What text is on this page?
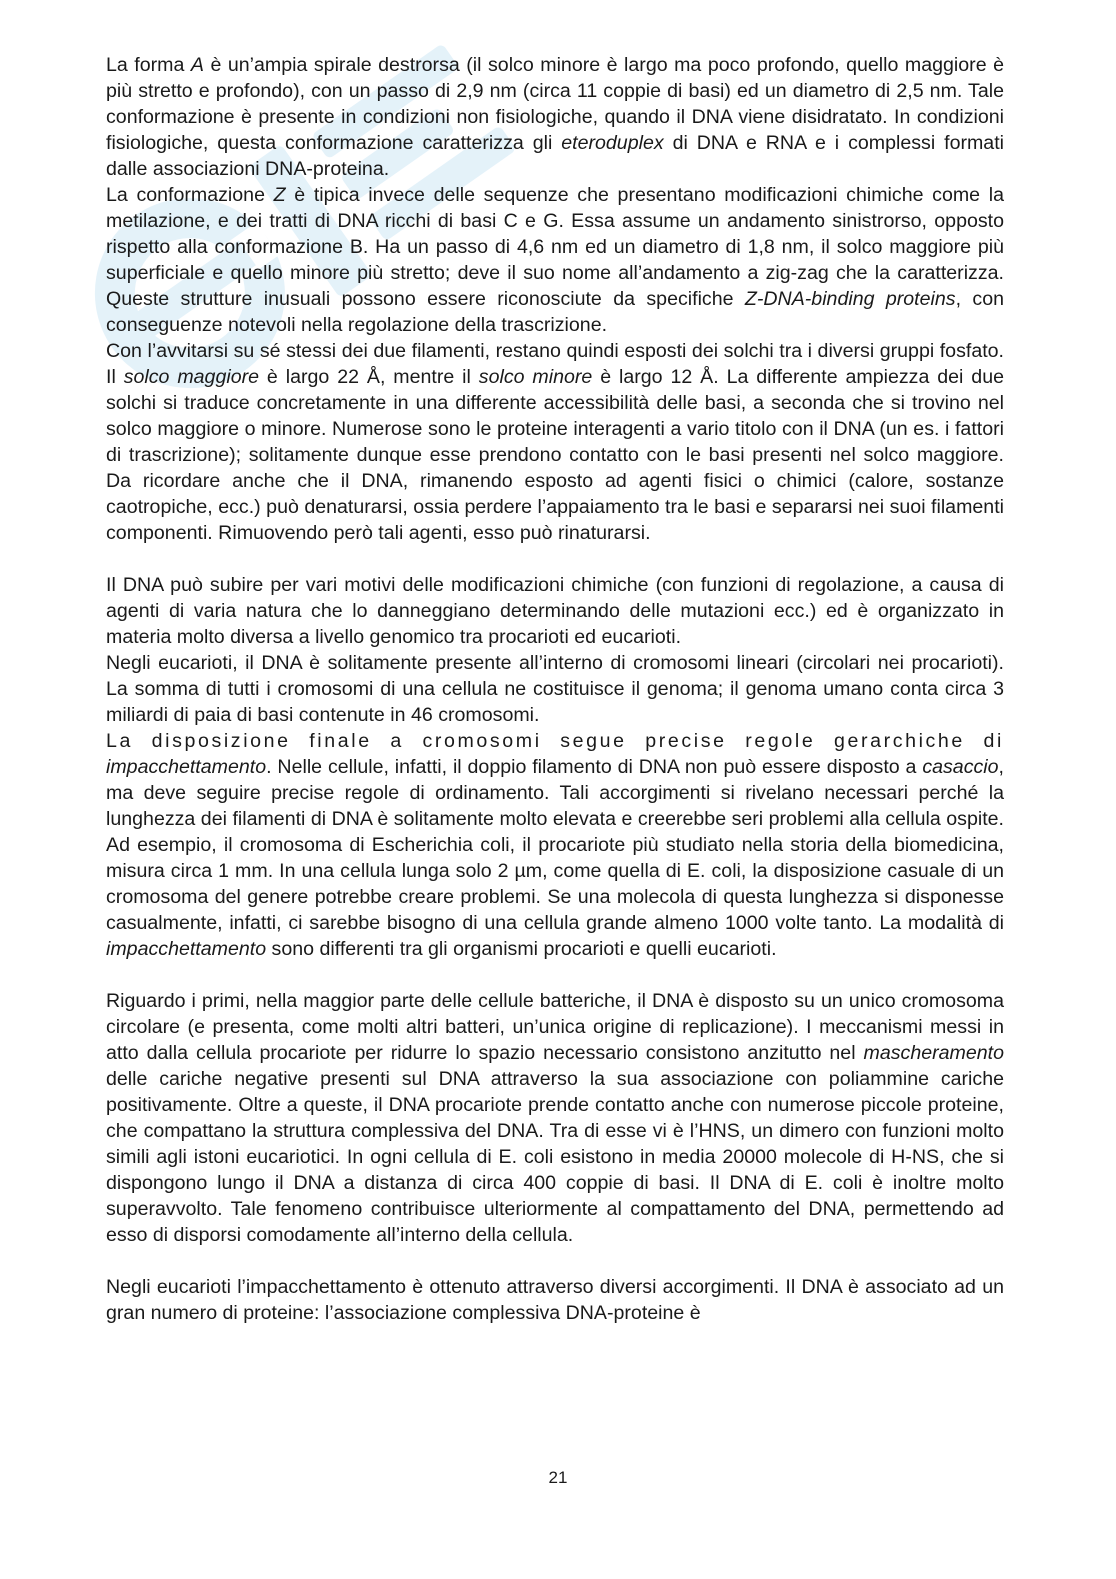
La forma A è un’ampia spirale destrorsa (il solco minore è largo ma poco profondo, quello maggiore è più stretto e profondo), con un passo di 2,9 nm (circa 11 coppie di basi) ed un diametro di 2,5 nm. Tale conformazione è presente in condizioni non fisiologiche, quando il DNA viene disidratato. In condizioni fisiologiche, questa conformazione caratterizza gli eteroduplex di DNA e RNA e i complessi formati dalle associazioni DNA-proteina.

La conformazione Z è tipica invece delle sequenze che presentano modificazioni chimiche come la metilazione, e dei tratti di DNA ricchi di basi C e G. Essa assume un andamento sinistrorso, opposto rispetto alla conformazione B. Ha un passo di 4,6 nm ed un diametro di 1,8 nm, il solco maggiore più superficiale e quello minore più stretto; deve il suo nome all’andamento a zig-zag che la caratterizza. Queste strutture inusuali possono essere riconosciute da specifiche Z-DNA-binding proteins, con conseguenze notevoli nella regolazione della trascrizione.

Con l’avvitarsi su sé stessi dei due filamenti, restano quindi esposti dei solchi tra i diversi gruppi fosfato. Il solco maggiore è largo 22 Å, mentre il solco minore è largo 12 Å. La differente ampiezza dei due solchi si traduce concretamente in una differente accessibilità delle basi, a seconda che si trovino nel solco maggiore o minore. Numerose sono le proteine interagenti a vario titolo con il DNA (un es. i fattori di trascrizione); solitamente dunque esse prendono contatto con le basi presenti nel solco maggiore. Da ricordare anche che il DNA, rimanendo esposto ad agenti fisici o chimici (calore, sostanze caotropiche, ecc.) può denaturarsi, ossia perdere l’appaiamento tra le basi e separarsi nei suoi filamenti componenti. Rimuovendo però tali agenti, esso può rinaturarsi.

Il DNA può subire per vari motivi delle modificazioni chimiche (con funzioni di regolazione, a causa di agenti di varia natura che lo danneggiano determinando delle mutazioni ecc.) ed è organizzato in materia molto diversa a livello genomico tra procarioti ed eucarioti.

Negli eucarioti, il DNA è solitamente presente all’interno di cromosomi lineari (circolari nei procarioti). La somma di tutti i cromosomi di una cellula ne costituisce il genoma; il genoma umano conta circa 3 miliardi di paia di basi contenute in 46 cromosomi.

La disposizione finale a cromosomi segue precise regole gerarchiche di impacchettamento. Nelle cellule, infatti, il doppio filamento di DNA non può essere disposto a casaccio, ma deve seguire precise regole di ordinamento. Tali accorgimenti si rivelano necessari perché la lunghezza dei filamenti di DNA è solitamente molto elevata e creerebbe seri problemi alla cellula ospite. Ad esempio, il cromosoma di Escherichia coli, il procariote più studiato nella storia della biomedicina, misura circa 1 mm. In una cellula lunga solo 2 µm, come quella di E. coli, la disposizione casuale di un cromosoma del genere potrebbe creare problemi. Se una molecola di questa lunghezza si disponesse casualmente, infatti, ci sarebbe bisogno di una cellula grande almeno 1000 volte tanto. La modalità di impacchettamento sono differenti tra gli organismi procarioti e quelli eucarioti.

Riguardo i primi, nella maggior parte delle cellule batteriche, il DNA è disposto su un unico cromosoma circolare (e presenta, come molti altri batteri, un’unica origine di replicazione). I meccanismi messi in atto dalla cellula procariote per ridurre lo spazio necessario consistono anzitutto nel mascheramento delle cariche negative presenti sul DNA attraverso la sua associazione con poliammine cariche positivamente. Oltre a queste, il DNA procariote prende contatto anche con numerose piccole proteine, che compattano la struttura complessiva del DNA. Tra di esse vi è l’HNS, un dimero con funzioni molto simili agli istoni eucariotici. In ogni cellula di E. coli esistono in media 20000 molecole di H-NS, che si dispongono lungo il DNA a distanza di circa 400 coppie di basi. Il DNA di E. coli è inoltre molto superavvolto. Tale fenomeno contribuisce ulteriormente al compattamento del DNA, permettendo ad esso di disporsi comodamente all’interno della cellula.

Negli eucarioti l’impacchettamento è ottenuto attraverso diversi accorgimenti. Il DNA è associato ad un gran numero di proteine: l’associazione complessiva DNA-proteine è

21
